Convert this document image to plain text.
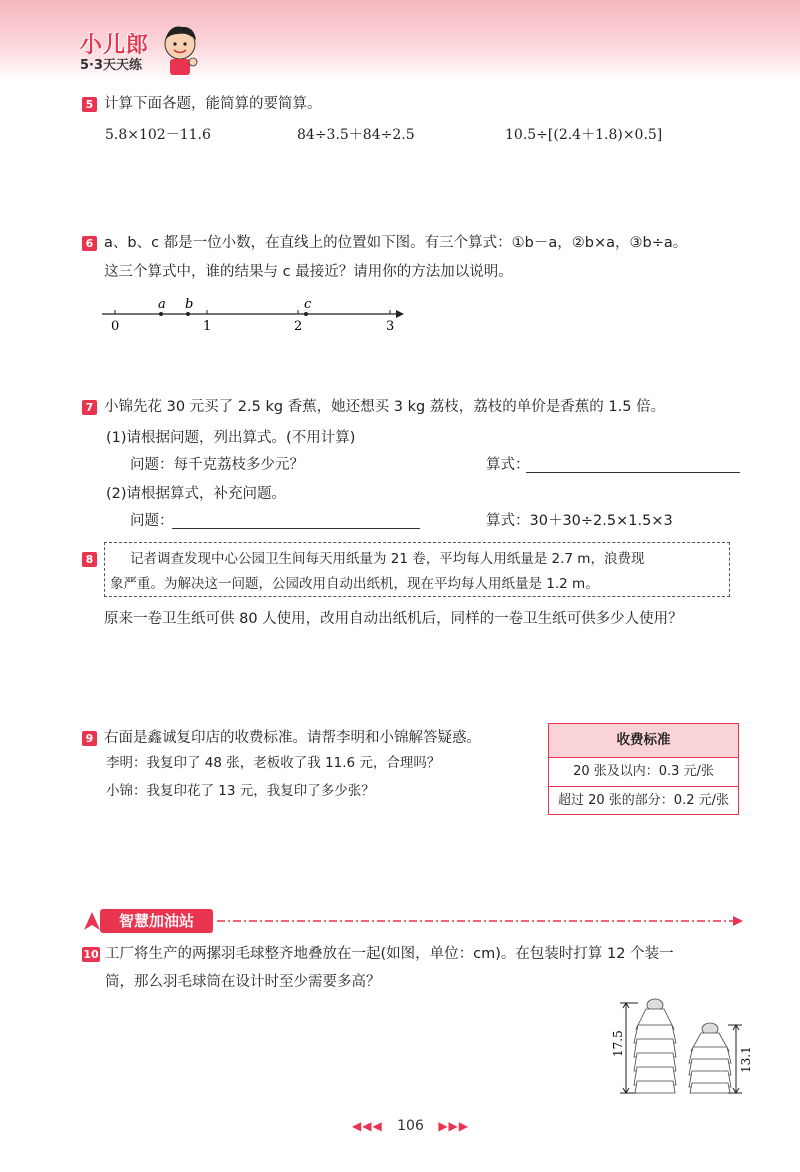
小儿郎
5·3天天练
5 计算下面各题，能简算的要简算。
5.8×102－11.6	84÷3.5＋84÷2.5	10.5÷[(2.4＋1.8)×0.5]
6 a、b、c 都是一位小数，在直线上的位置如下图。有三个算式：①b－a，②b×a，③b÷a。
这三个算式中，谁的结果与 c 最接近？请用你的方法加以说明。
0	1	2	3
a b	c
7 小锦先花 30 元买了 2.5 kg 香蕉，她还想买 3 kg 荔枝，荔枝的单价是香蕉的 1.5 倍。
(1)请根据问题，列出算式。(不用计算)
问题：每千克荔枝多少元？	算式：
(2)请根据算式，补充问题。
问题：	算式：30＋30÷2.5×1.5×3
8	记者调查发现中心公园卫生间每天用纸量为 21 卷，平均每人用纸量是 2.7 m，浪费现
象严重。为解决这一问题，公园改用自动出纸机，现在平均每人用纸量是 1.2 m。
原来一卷卫生纸可供 80 人使用，改用自动出纸机后，同样的一卷卫生纸可供多少人使用？
9 右面是鑫诚复印店的收费标准。请帮李明和小锦解答疑惑。
李明：我复印了 48 张，老板收了我 11.6 元，合理吗？
小锦：我复印花了 13 元，我复印了多少张？
收费标准
20 张及以内：0.3 元/张
超过 20 张的部分：0.2 元/张
智慧加油站
10 工厂将生产的两摞羽毛球整齐地叠放在一起(如图，单位：cm)。在包装时打算 12 个装一
筒，那么羽毛球筒在设计时至少需要多高？
17.5
13.1
◀◀◀ 106 ▶▶▶
